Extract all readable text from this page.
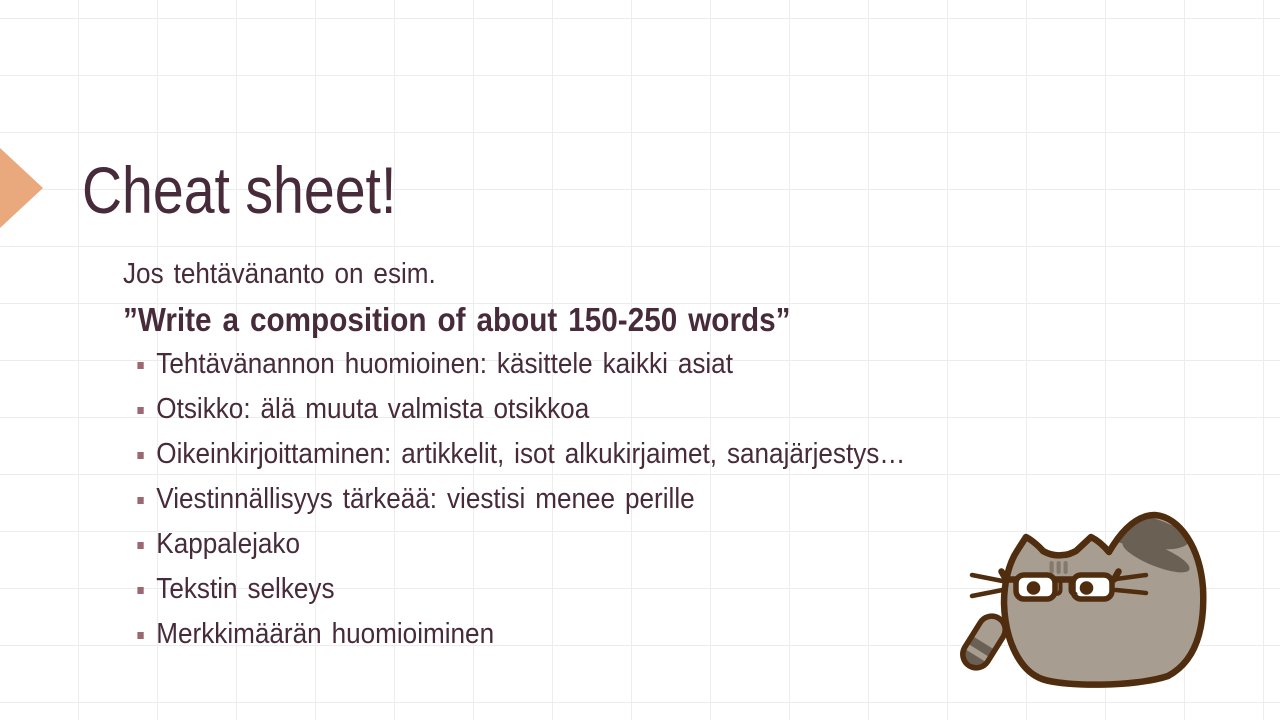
Cheat sheet!

Jos tehtävänanto on esim.

”Write a composition of about 150-250 words”

Tehtävänannon huomioinen: käsittele kaikki asiat
Otsikko: älä muuta valmista otsikkoa
Oikeinkirjoittaminen: artikkelit, isot alkukirjaimet, sanajärjestys…
Viestinnällisyys tärkeää: viestisi menee perille
Kappalejako
Tekstin selkeys
Merkkimäärän huomioiminen
